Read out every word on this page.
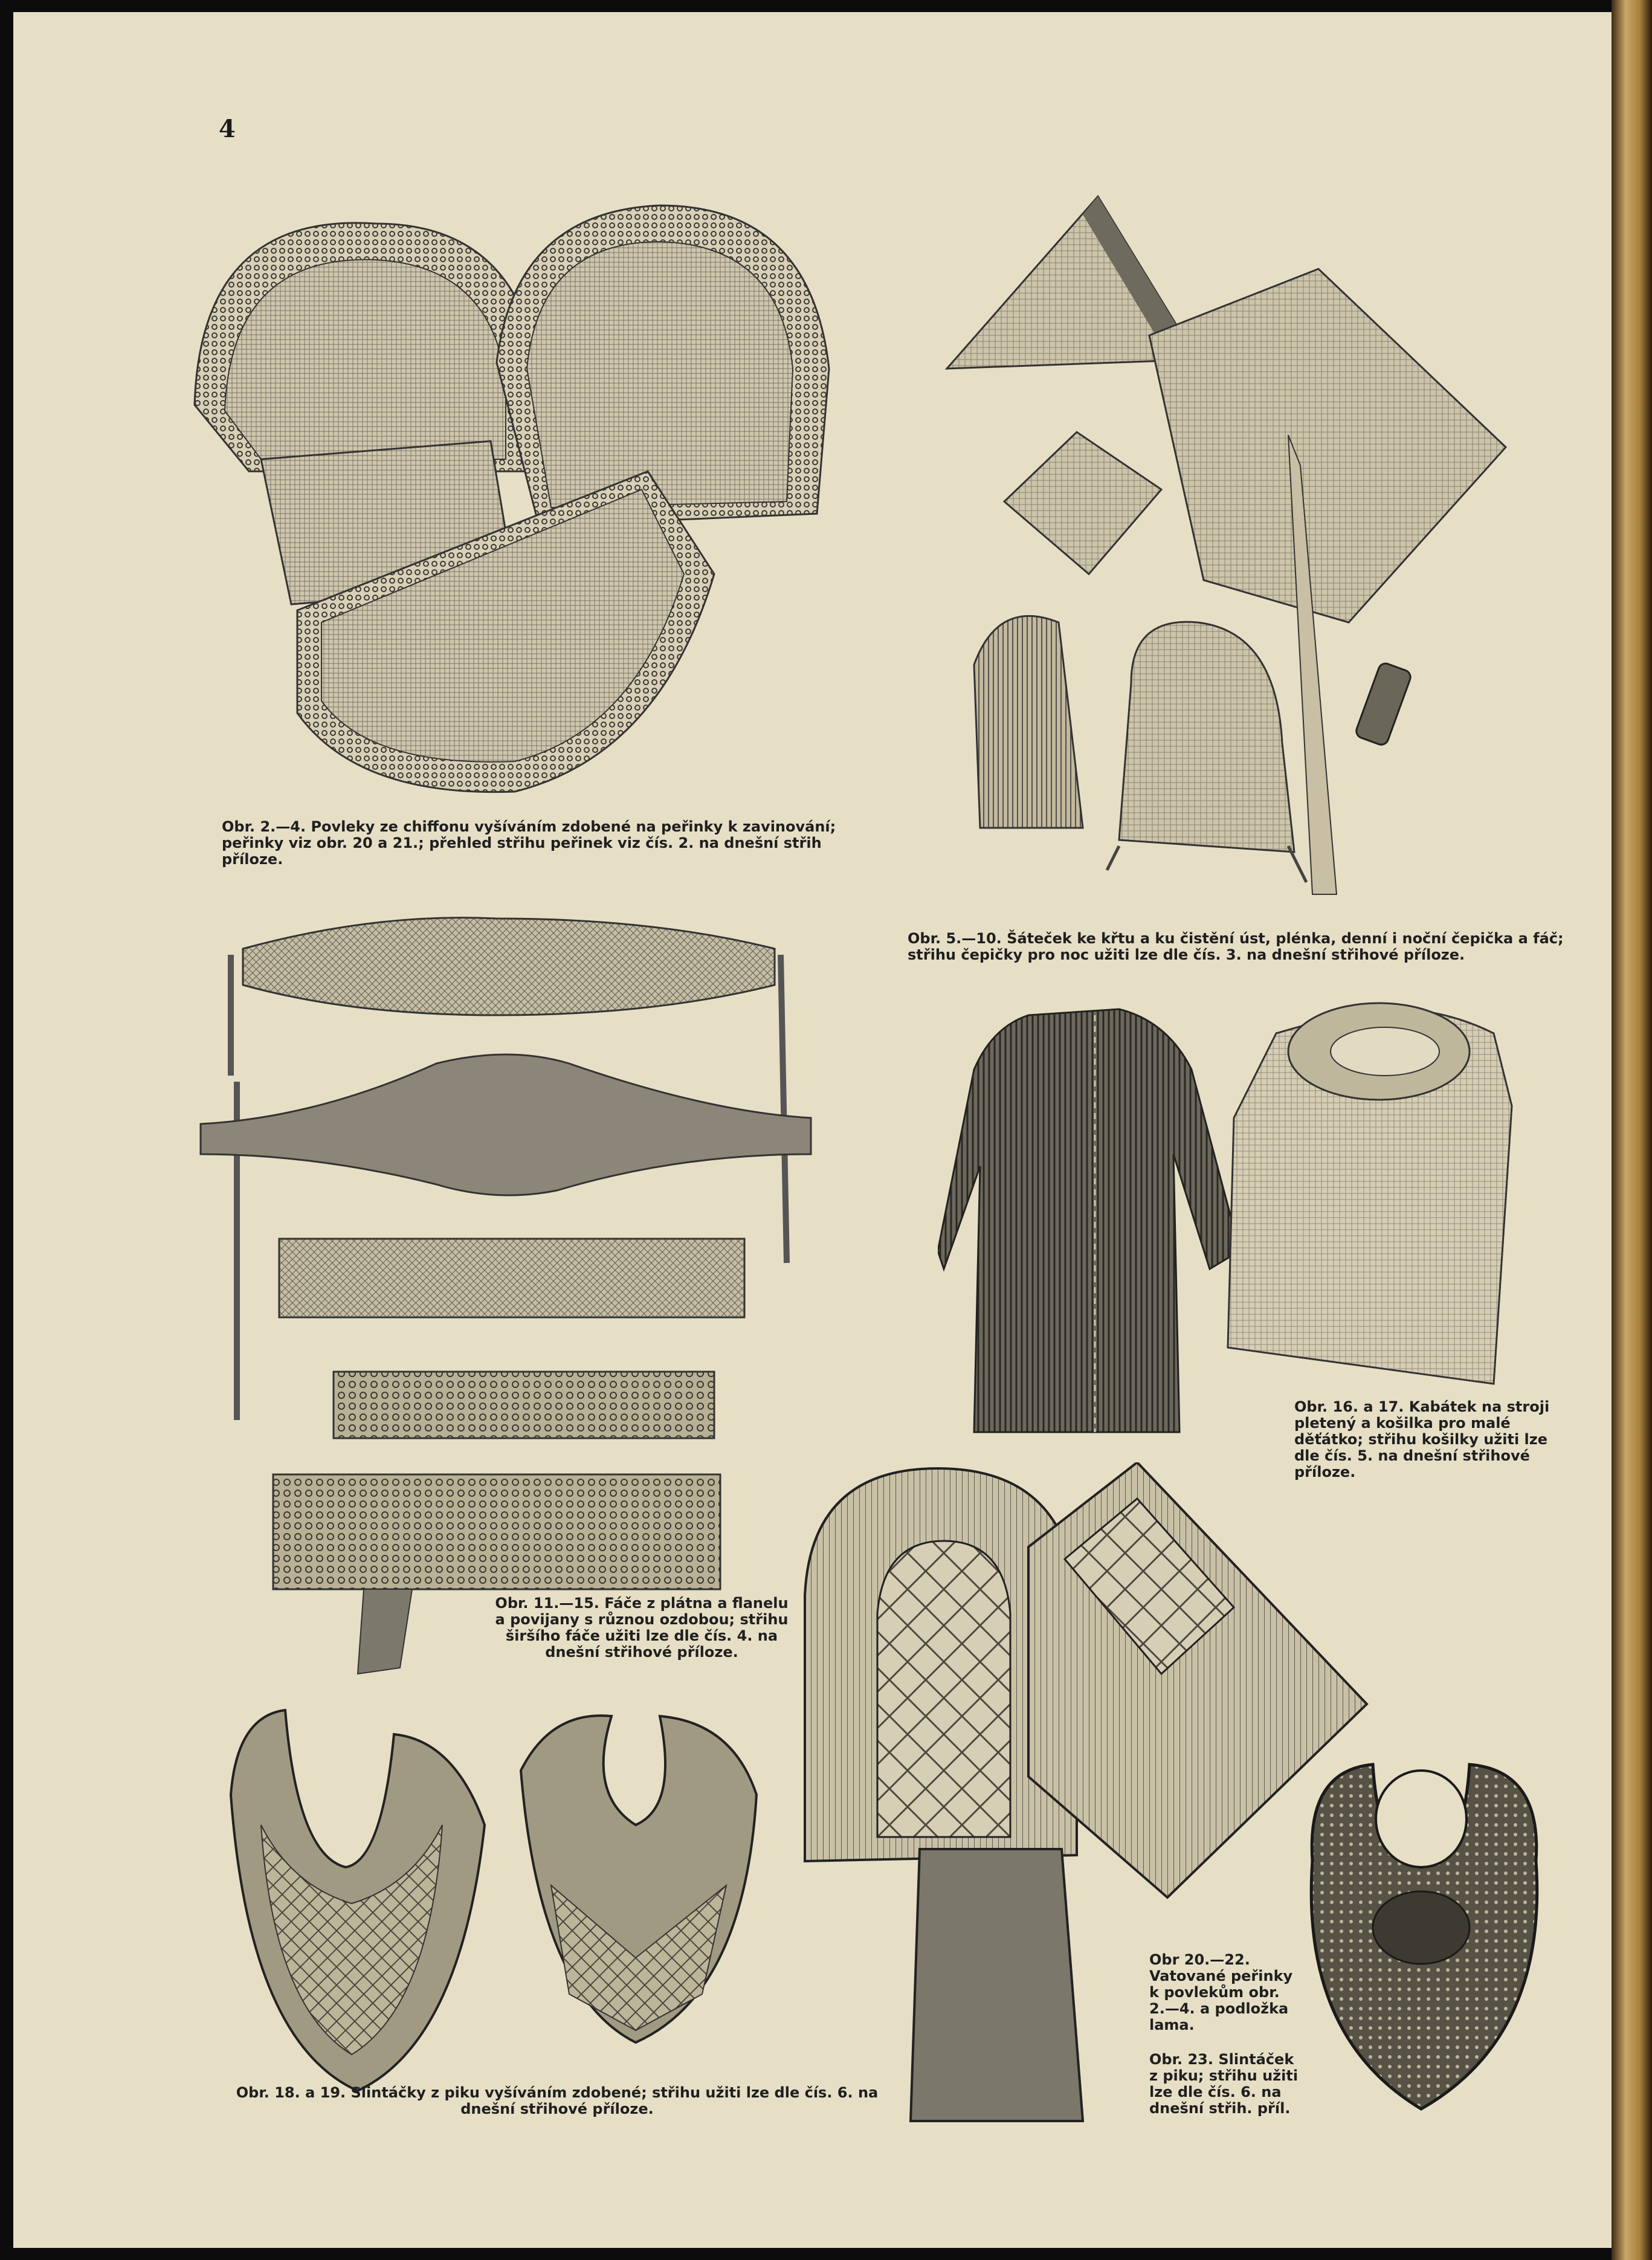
4
Obr. 2.—4. Povleky ze chiffonu vyšíváním zdobené na peřinky k zavinování; peřinky viz obr. 20 a 21.; přehled střihu peřinek viz čís. 2. na dnešní střih příloze.
Obr. 5.—10. Šáteček ke křtu a ku čistění úst, plénka, denní i noční čepička a fáč; střihu čepičky pro noc užiti lze dle čís. 3. na dnešní střihové příloze.
Obr. 11.—15. Fáče z plátna a flanelu a povijany s různou ozdobou; střihu širšího fáče užiti lze dle čís. 4. na dnešní střihové příloze.
Obr. 16. a 17. Kabátek na stroji pletený a košilka pro malé děťátko; střihu košilky užiti lze dle čís. 5. na dnešní střihové příloze.
Obr. 18. a 19. Slintáčky z piku vyšíváním zdobené; střihu užiti lze dle čís. 6. na dnešní střihové příloze.
Obr 20.—22. Vatované peřinky k povlekům obr. 2.—4. a podložka lama.
Obr. 23. Slintáček z piku; střihu užiti lze dle čís. 6. na dnešní střih. příl.
